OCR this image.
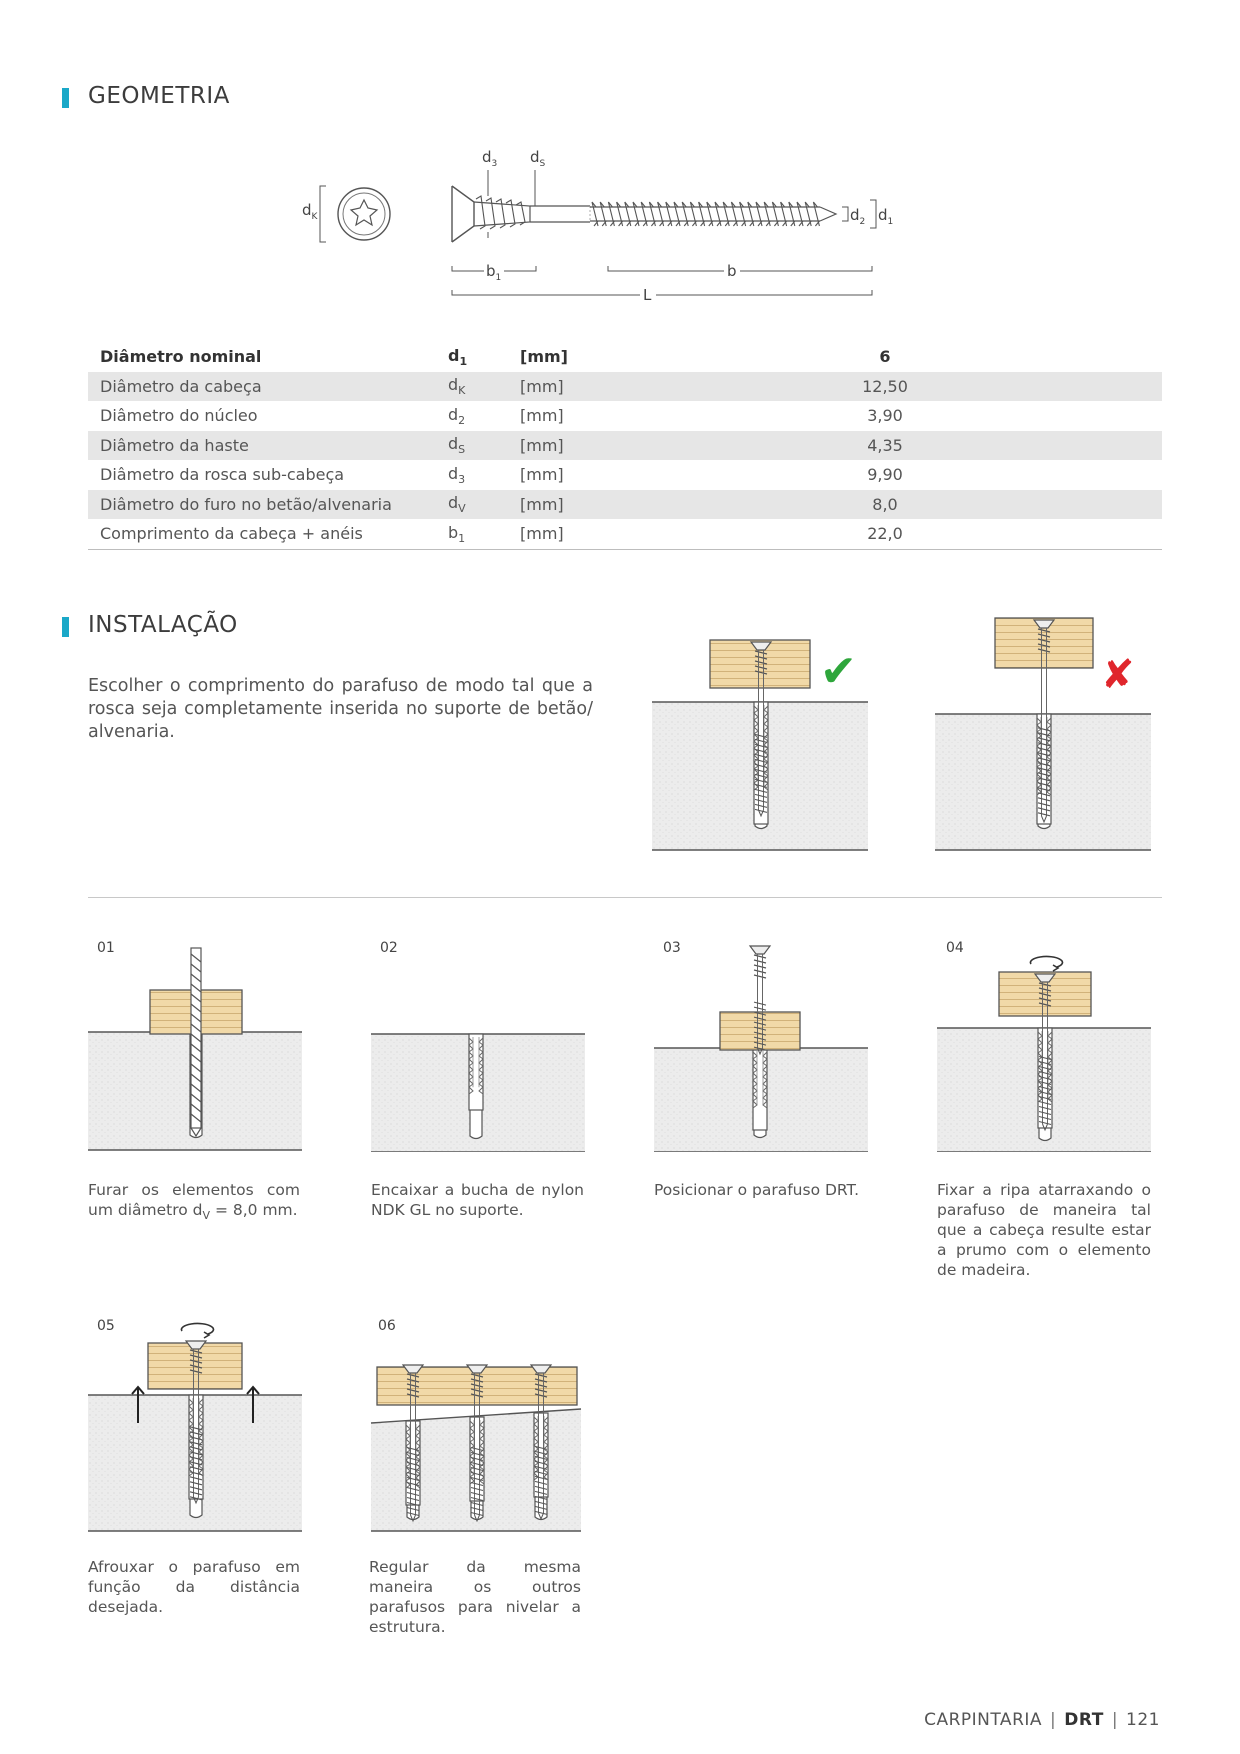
GEOMETRIA
$d_K$
$d_3$ $d_S$
$d_2$ $d_1$
$b_1$	b
L
Diâmetro nominal	$d_1$	[mm]	6	
Diâmetro da cabeça	$d_K$	[mm]	12,50	
Diâmetro do núcleo	$d_2$	[mm]	3,90	
Diâmetro da haste	$d_S$	[mm]	4,35	
Diâmetro da rosca sub-cabeça	$d_3$	[mm]	9,90	
Diâmetro do furo no betão/alvenaria	$d_V$	[mm]	8,0	
Comprimento da cabeça + anéis	$b_1$	[mm]	22,0	
INSTALAÇÃO
Escolher o comprimento do parafuso de modo tal que a rosca seja completamente inserida no suporte de betão/ alvenaria.
✔	✘
01
Furar os elementos com um diâmetro $d_V = 8,0$ mm.
02
Encaixar a bucha de nylon NDK GL no suporte.
03
Posicionar o parafuso DRT.
04
Fixar a ripa atarraxando o parafuso de maneira tal que a cabeça resulte estar a prumo com o elemento de madeira.
05
Afrouxar o parafuso em função da distância desejada.
06
Regular da mesma maneira os outros parafusos para nivelar a estrutura.
CARPINTARIA | DRT | 121
